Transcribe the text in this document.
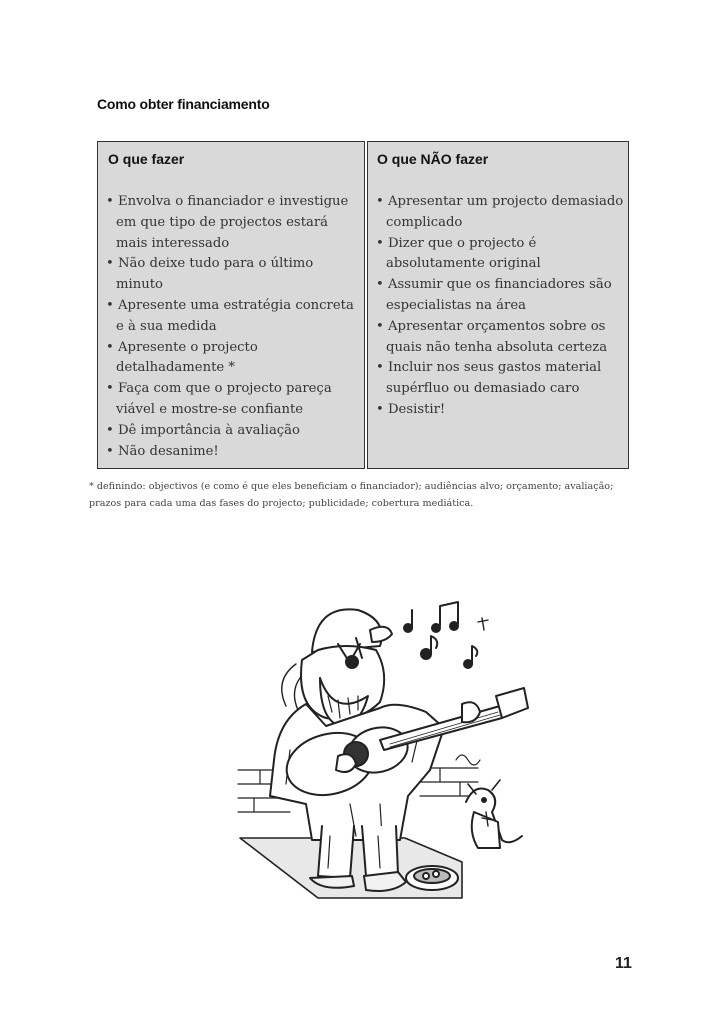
Como obter financiamento
O que fazer
• Envolva o financiador e investigue em que tipo de projectos estará mais interessado
• Não deixe tudo para o último minuto
• Apresente uma estratégia concreta e à sua medida
• Apresente o projecto detalhadamente *
• Faça com que o projecto pareça viável e mostre-se confiante
• Dê importância à avaliação
• Não desanime!
O que NÃO fazer
• Apresentar um projecto demasiado complicado
• Dizer que o projecto é absolutamente original
• Assumir que os financiadores são especialistas na área
• Apresentar orçamentos sobre os quais não tenha absoluta certeza
• Incluir nos seus gastos material supérfluo ou demasiado caro
• Desistir!

* definindo: objectivos (e como é que eles beneficiam o financiador); audiências alvo; orçamento; avaliação; prazos para cada uma das fases do projecto; publicidade; cobertura mediática.

11
